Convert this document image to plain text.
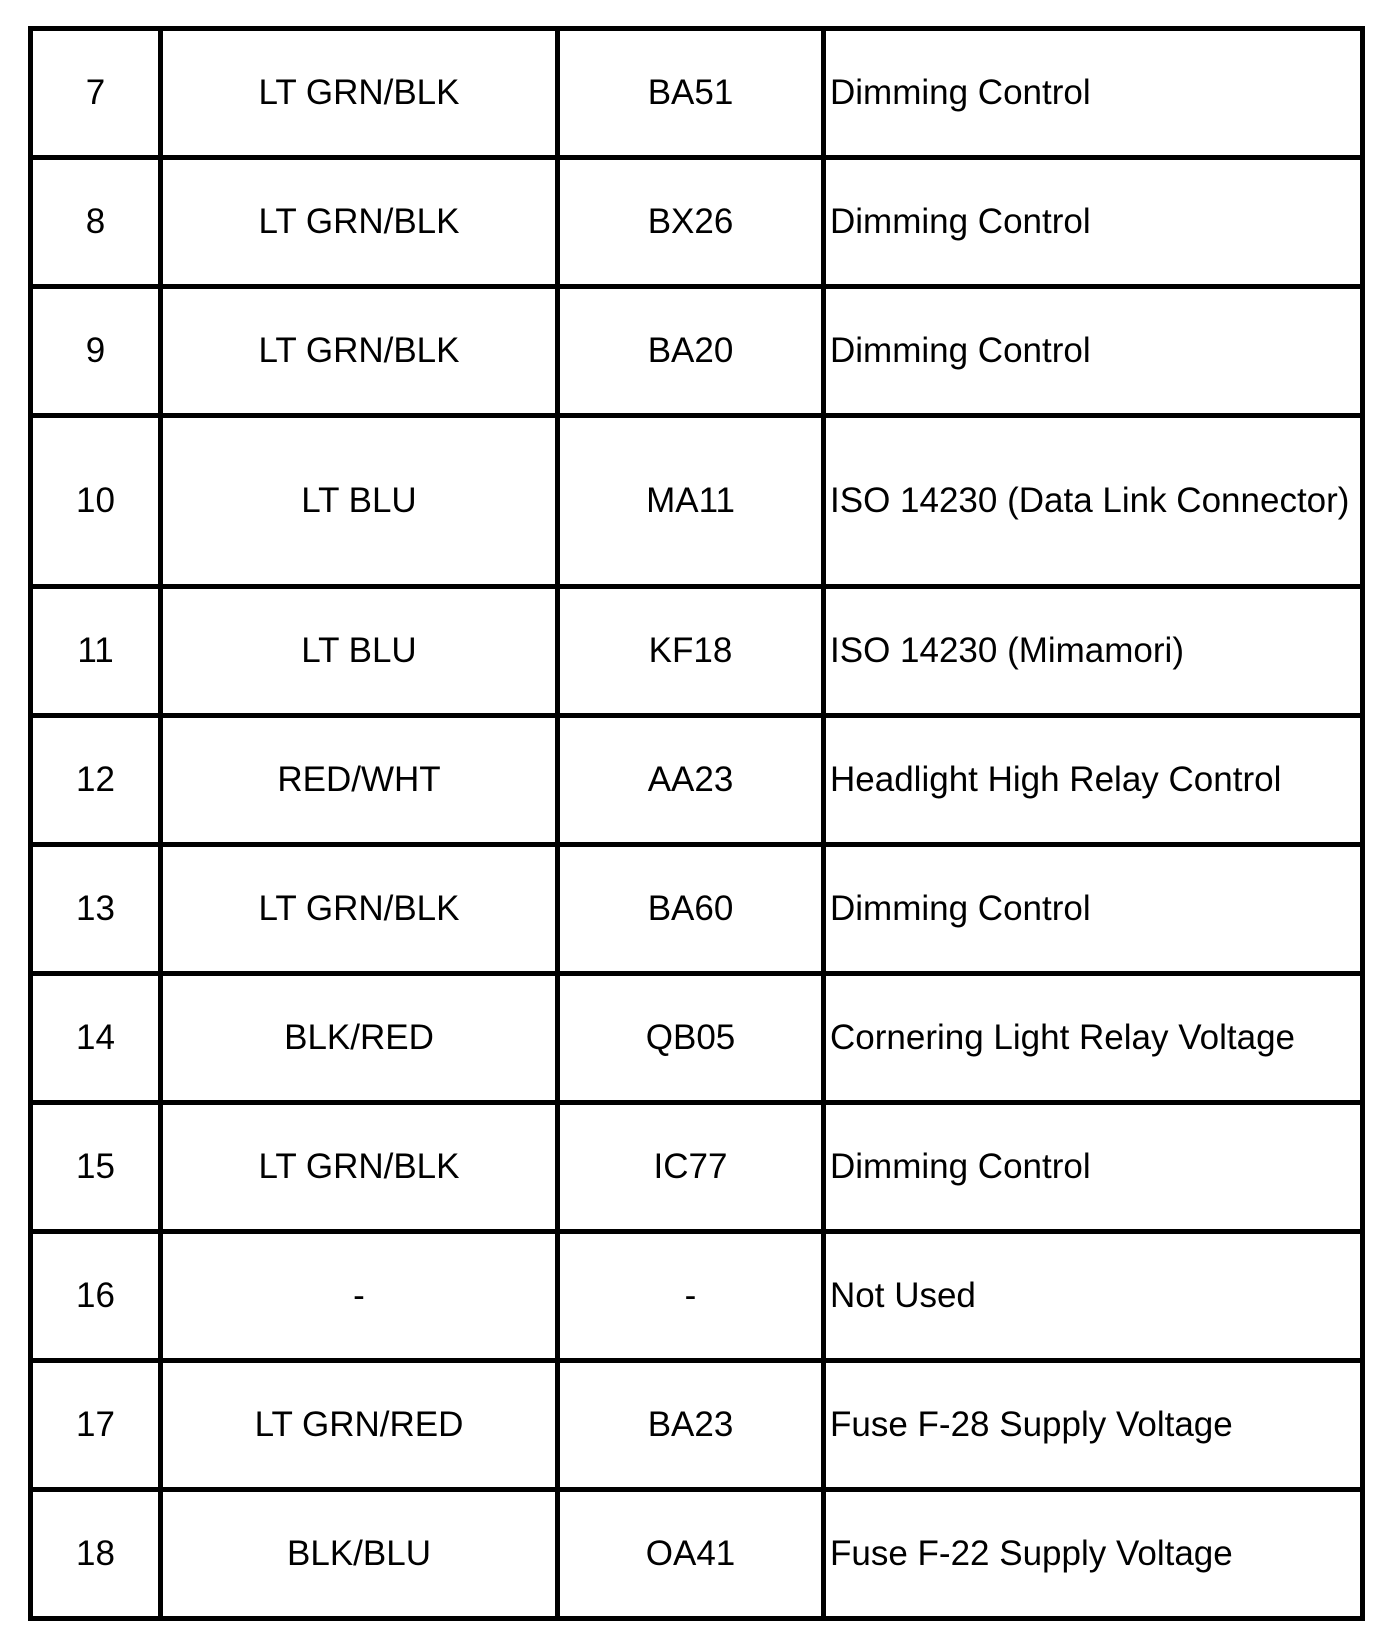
7	LT GRN/BLK	BA51	Dimming Control
8	LT GRN/BLK	BX26	Dimming Control
9	LT GRN/BLK	BA20	Dimming Control
10	LT BLU	MA11	ISO 14230 (Data Link Connector)
11	LT BLU	KF18	ISO 14230 (Mimamori)
12	RED/WHT	AA23	Headlight High Relay Control
13	LT GRN/BLK	BA60	Dimming Control
14	BLK/RED	QB05	Cornering Light Relay Voltage
15	LT GRN/BLK	IC77	Dimming Control
16	-	-	Not Used
17	LT GRN/RED	BA23	Fuse F-28 Supply Voltage
18	BLK/BLU	OA41	Fuse F-22 Supply Voltage
